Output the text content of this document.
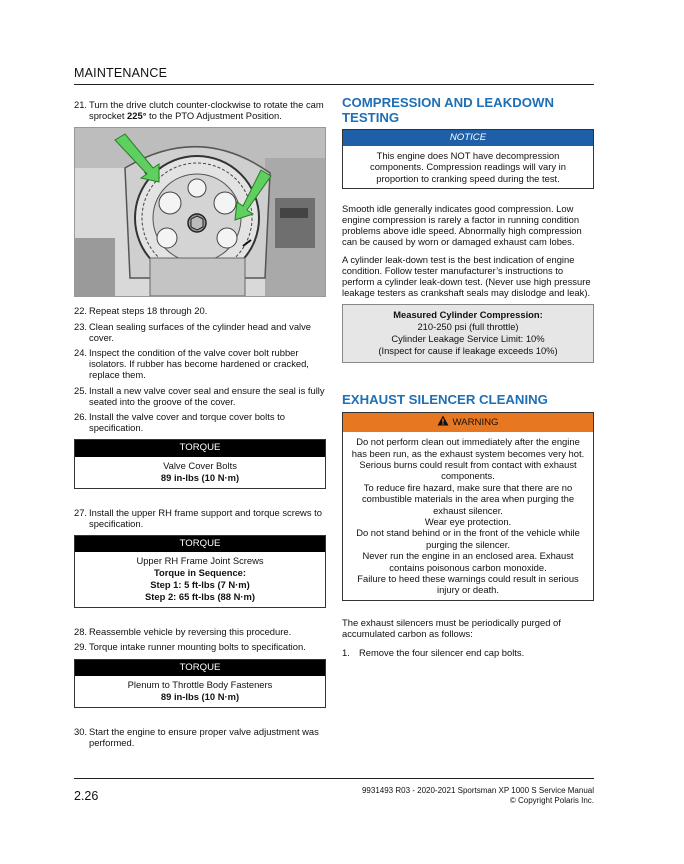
MAINTENANCE
21. Turn the drive clutch counter-clockwise to rotate the cam sprocket 225° to the PTO Adjustment Position.
22. Repeat steps 18 through 20.
23. Clean sealing surfaces of the cylinder head and valve cover.
24. Inspect the condition of the valve cover bolt rubber isolators. If rubber has become hardened or cracked, replace them.
25. Install a new valve cover seal and ensure the seal is fully seated into the groove of the cover.
26. Install the valve cover and torque cover bolts to specification.
TORQUE
Valve Cover Bolts
89 in-lbs (10 N·m)
27. Install the upper RH frame support and torque screws to specification.
TORQUE
Upper RH Frame Joint Screws
Torque in Sequence:
Step 1: 5 ft-lbs (7 N·m)
Step 2: 65 ft-lbs (88 N·m)
28. Reassemble vehicle by reversing this procedure.
29. Torque intake runner mounting bolts to specification.
TORQUE
Plenum to Throttle Body Fasteners
89 in-lbs (10 N·m)
30. Start the engine to ensure proper valve adjustment was performed.
COMPRESSION AND LEAKDOWN TESTING
NOTICE
This engine does NOT have decompression components. Compression readings will vary in proportion to cranking speed during the test.
Smooth idle generally indicates good compression. Low engine compression is rarely a factor in running condition problems above idle speed. Abnormally high compression can be caused by worn or damaged exhaust cam lobes.
A cylinder leak-down test is the best indication of engine condition. Follow tester manufacturer’s instructions to perform a cylinder leak-down test. (Never use high pressure leakage testers as crankshaft seals may dislodge and leak).
Measured Cylinder Compression:
210-250 psi (full throttle)
Cylinder Leakage Service Limit: 10%
(Inspect for cause if leakage exceeds 10%)
EXHAUST SILENCER CLEANING
WARNING
Do not perform clean out immediately after the engine has been run, as the exhaust system becomes very hot. Serious burns could result from contact with exhaust components.
To reduce fire hazard, make sure that there are no combustible materials in the area when purging the exhaust silencer.
Wear eye protection.
Do not stand behind or in the front of the vehicle while purging the silencer.
Never run the engine in an enclosed area. Exhaust contains poisonous carbon monoxide.
Failure to heed these warnings could result in serious injury or death.
The exhaust silencers must be periodically purged of accumulated carbon as follows:
1. Remove the four silencer end cap bolts.
2.26	9931493 R03 - 2020-2021 Sportsman XP 1000 S Service Manual
© Copyright Polaris Inc.
